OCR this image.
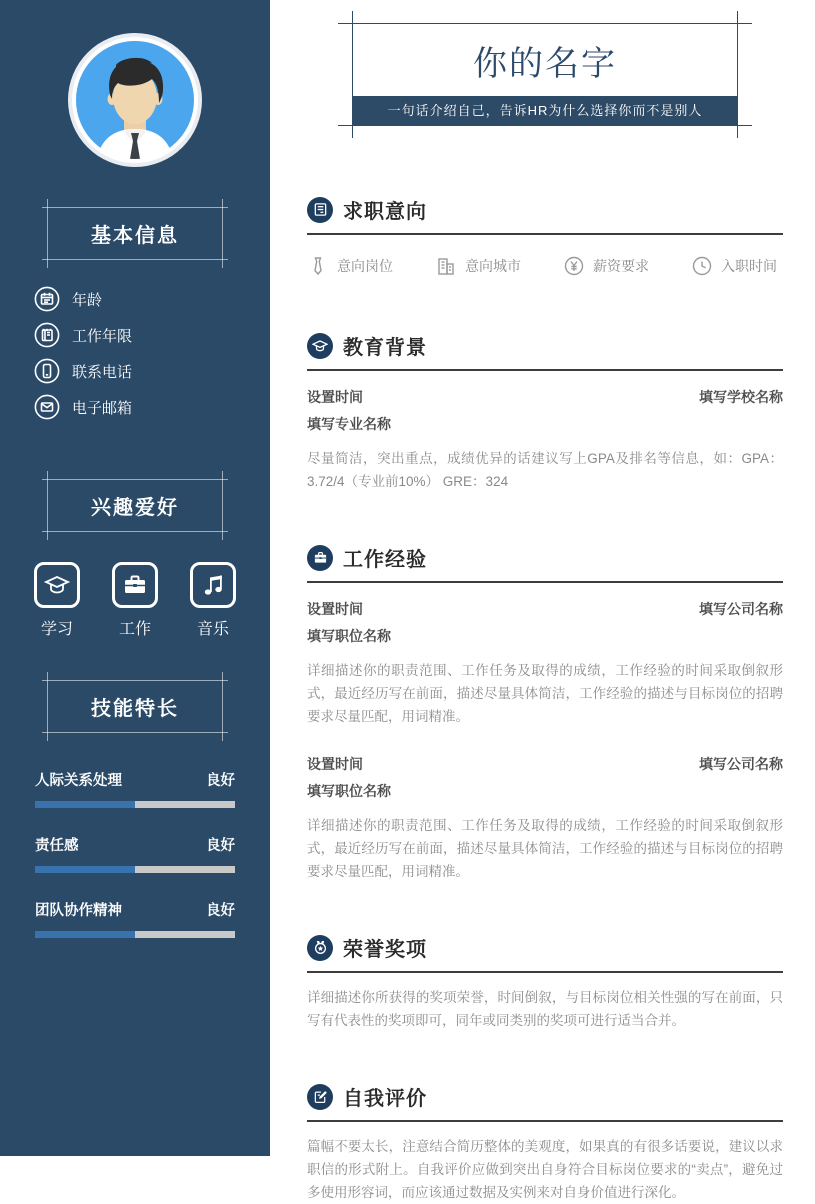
基本信息
年龄
工作年限
联系电话
电子邮箱
兴趣爱好
学习	工作	音乐
技能特长
人际关系处理	良好
责任感	良好
团队协作精神	良好
你的名字
一句话介绍自己，告诉HR为什么选择你而不是别人
求职意向
意向岗位	意向城市	薪资要求	入职时间
教育背景
设置时间	填写学校名称
填写专业名称

尽量简洁，突出重点，成绩优异的话建议写上GPA及排名等信息，如：GPA：3.72/4（专业前10%） GRE：324

工作经验
设置时间	填写公司名称
填写职位名称

详细描述你的职责范围、工作任务及取得的成绩，工作经验的时间采取倒叙形式，最近经历写在前面，描述尽量具体简洁，工作经验的描述与目标岗位的招聘要求尽量匹配，用词精准。

设置时间	填写公司名称
填写职位名称

详细描述你的职责范围、工作任务及取得的成绩，工作经验的时间采取倒叙形式，最近经历写在前面，描述尽量具体简洁，工作经验的描述与目标岗位的招聘要求尽量匹配，用词精准。

荣誉奖项

详细描述你所获得的奖项荣誉，时间倒叙，与目标岗位相关性强的写在前面，只写有代表性的奖项即可，同年或同类别的奖项可进行适当合并。

自我评价

篇幅不要太长，注意结合简历整体的美观度，如果真的有很多话要说，建议以求职信的形式附上。自我评价应做到突出自身符合目标岗位要求的“卖点”，避免过多使用形容词，而应该通过数据及实例来对自身价值进行深化。
